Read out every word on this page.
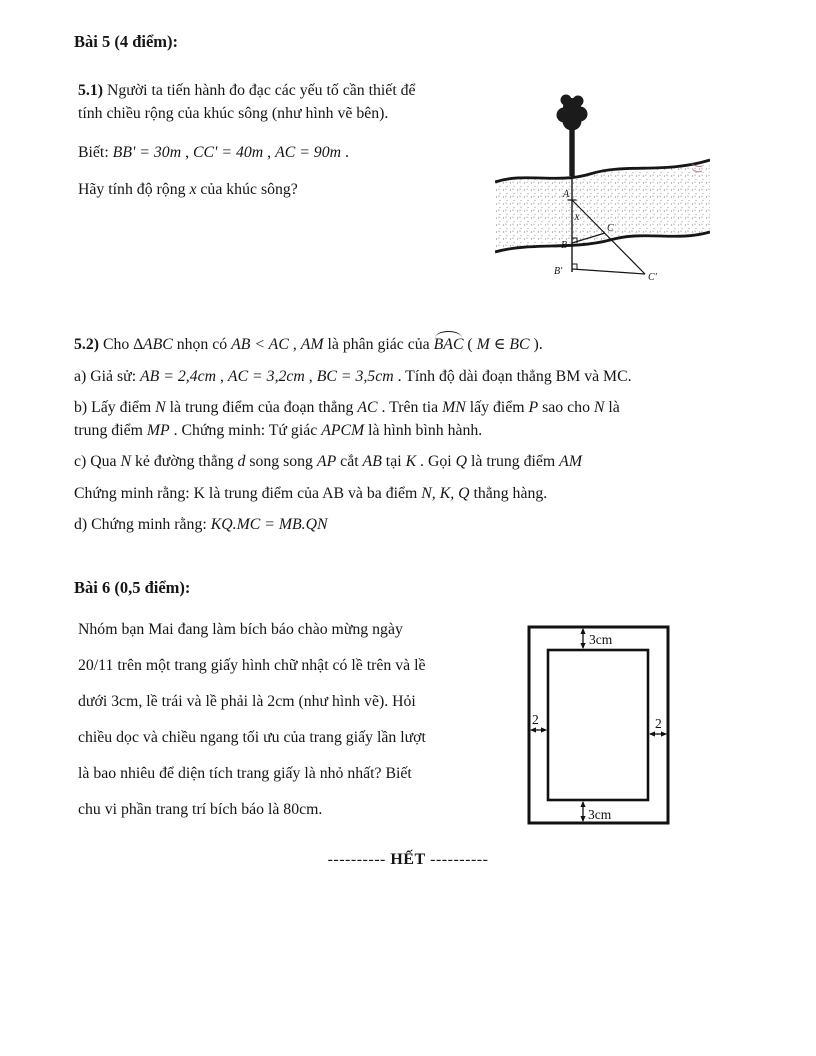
Bài 5 (4 điểm):
5.1) Người ta tiến hành đo đạc các yếu tố cần thiết để
tính chiều rộng của khúc sông (như hình vẽ bên).
Biết: BB' = 30m , CC' = 40m , AC = 90m .
Hãy tính độ rộng x của khúc sông?	A
x
B
B'
C
C'
5.2) Cho ∆ABC nhọn có AB < AC , AM là phân giác của BAC ( M ∈ BC ).
a) Giả sử: AB = 2,4cm , AC = 3,2cm , BC = 3,5cm . Tính độ dài đoạn thẳng BM và MC.
b) Lấy điểm N là trung điểm của đoạn thẳng AC . Trên tia MN lấy điểm P sao cho N là
trung điểm MP . Chứng minh: Tứ giác APCM là hình bình hành.
c) Qua N kẻ đường thẳng d song song AP cắt AB tại K . Gọi Q là trung điểm AM
Chứng minh rằng: K là trung điểm của AB và ba điểm N, K, Q thẳng hàng.
d) Chứng minh rằng: KQ.MC = MB.QN
Bài 6 (0,5 điểm):
Nhóm bạn Mai đang làm bích báo chào mừng ngày
20/11 trên một trang giấy hình chữ nhật có lề trên và lề
dưới 3cm, lề trái và lề phải là 2cm (như hình vẽ). Hỏi
chiều dọc và chiều ngang tối ưu của trang giấy lần lượt
là bao nhiêu để diện tích trang giấy là nhỏ nhất? Biết
chu vi phần trang trí bích báo là 80cm.
3cm
3cm
2	2
---------- HẾT ----------
